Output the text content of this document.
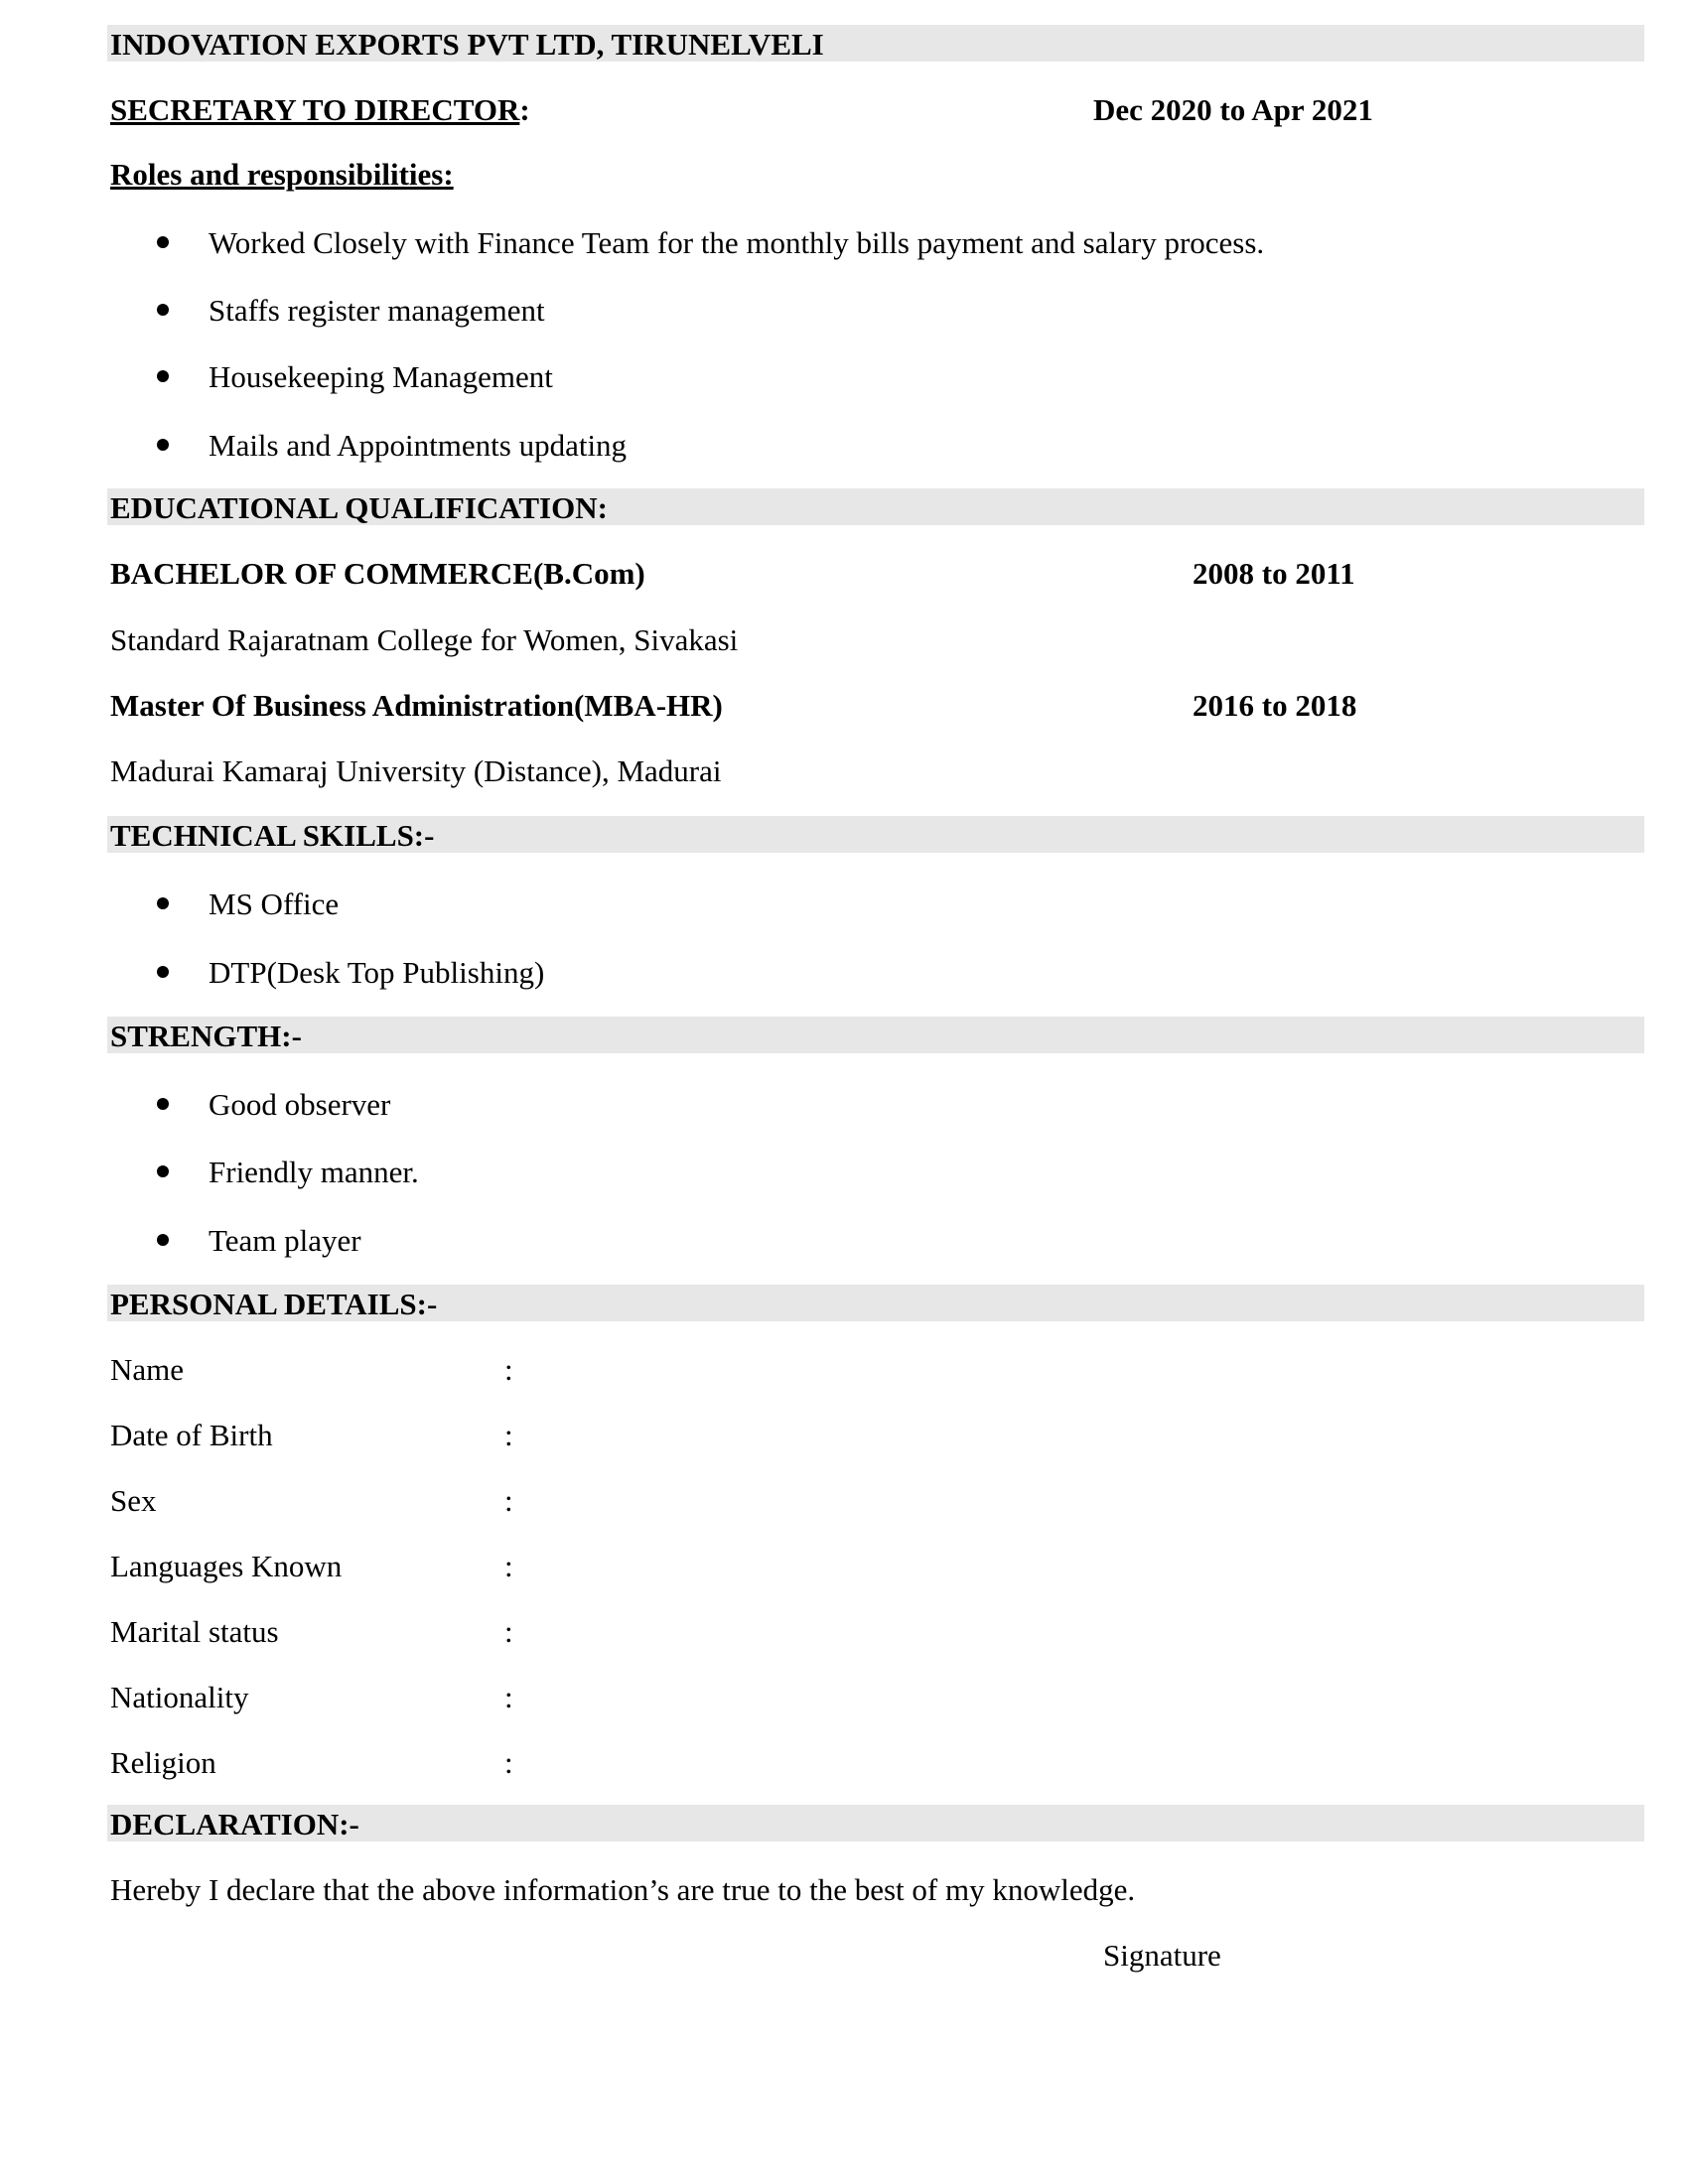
INDOVATION EXPORTS PVT LTD, TIRUNELVELI
SECRETARY TO DIRECTOR:	Dec 2020 to Apr 2021
Roles and responsibilities:
Worked Closely with Finance Team for the monthly bills payment and salary process.
Staffs register management
Housekeeping Management
Mails and Appointments updating
EDUCATIONAL QUALIFICATION:
BACHELOR OF COMMERCE(B.Com)	2008 to 2011
Standard Rajaratnam College for Women, Sivakasi
Master Of Business Administration(MBA-HR)	2016 to 2018
Madurai Kamaraj University (Distance), Madurai
TECHNICAL SKILLS:-
MS Office
DTP(Desk Top Publishing)
STRENGTH:-
Good observer
Friendly manner.
Team player
PERSONAL DETAILS:-
Name	:
Date of Birth	:
Sex	:
Languages Known	:
Marital status	:
Nationality	:
Religion	:
DECLARATION:-
Hereby I declare that the above information’s are true to the best of my knowledge.
Signature
